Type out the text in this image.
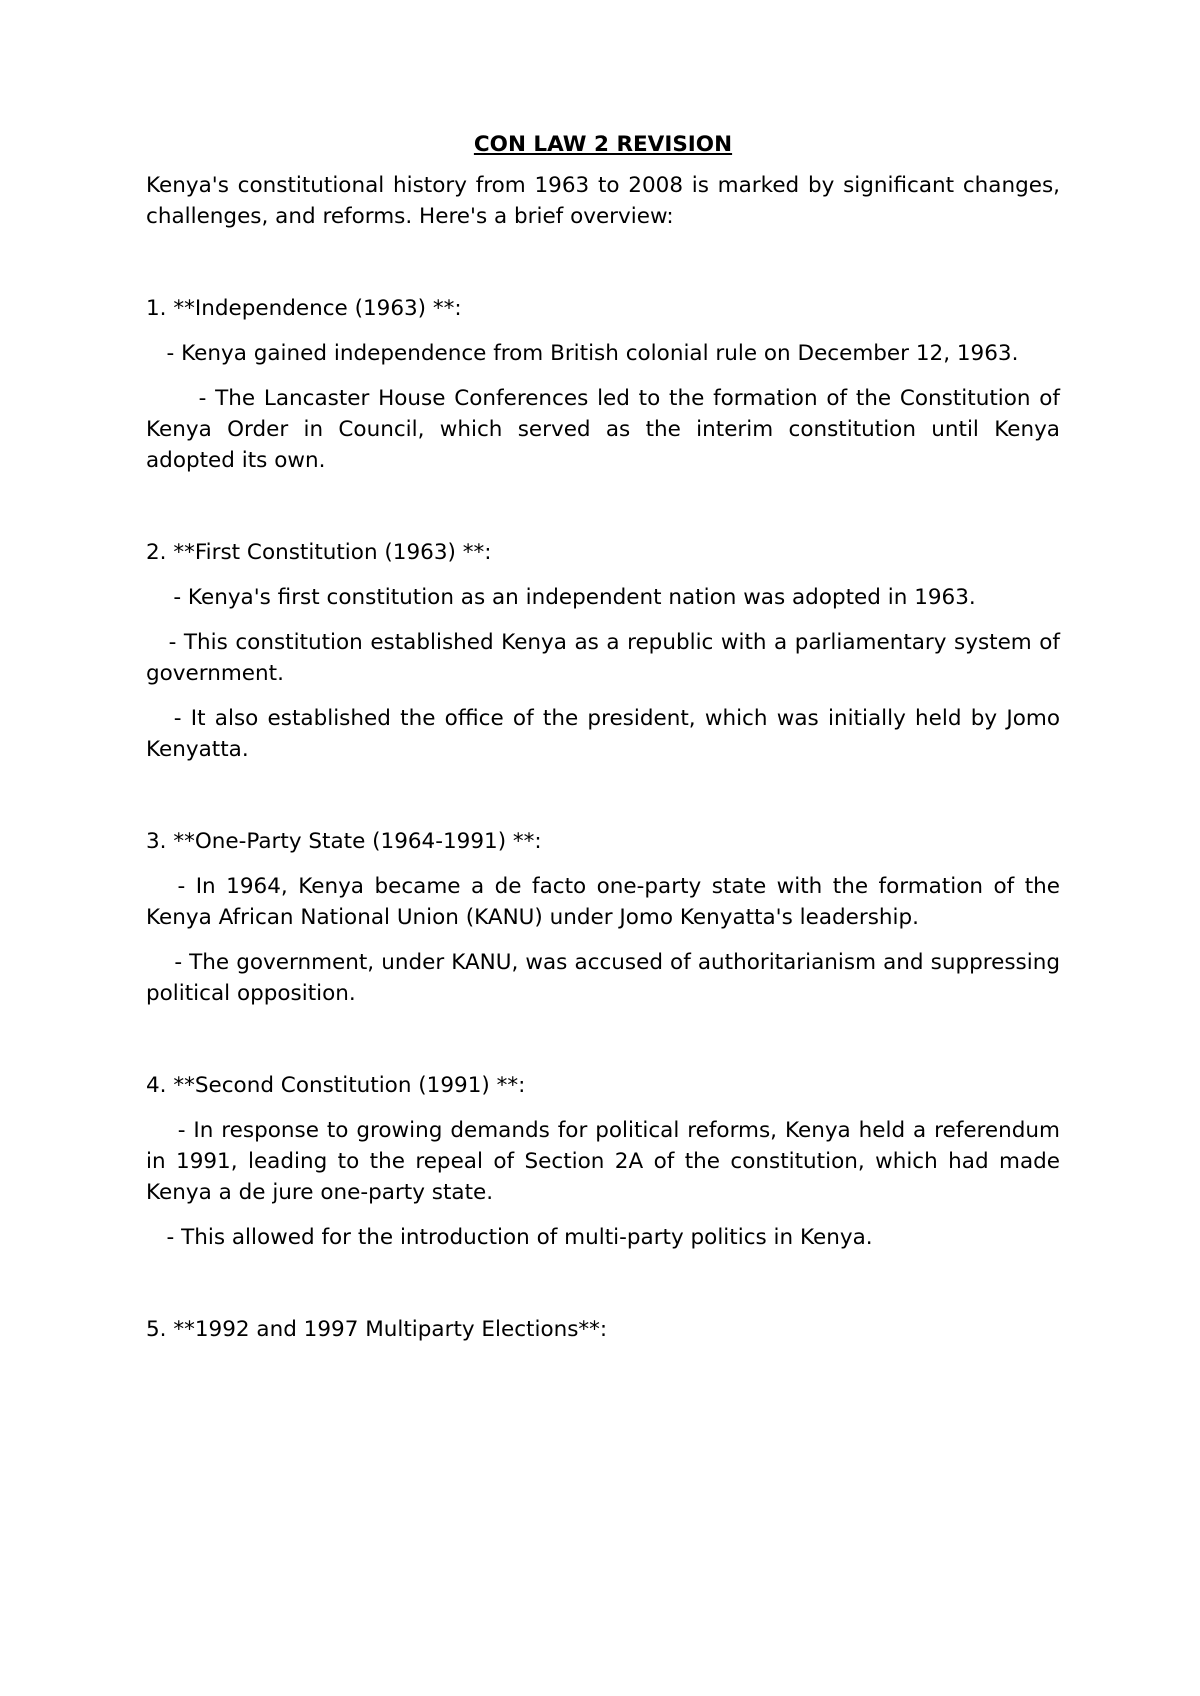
CON LAW 2 REVISION

Kenya's constitutional history from 1963 to 2008 is marked by significant changes, challenges, and reforms. Here's a brief overview:

1. **Independence (1963) **:

- Kenya gained independence from British colonial rule on December 12, 1963.

- The Lancaster House Conferences led to the formation of the Constitution of Kenya Order in Council, which served as the interim constitution until Kenya adopted its own.

2. **First Constitution (1963) **:

- Kenya's first constitution as an independent nation was adopted in 1963.

- This constitution established Kenya as a republic with a parliamentary system of government.

- It also established the office of the president, which was initially held by Jomo Kenyatta.

3. **One-Party State (1964-1991) **:

- In 1964, Kenya became a de facto one-party state with the formation of the Kenya African National Union (KANU) under Jomo Kenyatta's leadership.

- The government, under KANU, was accused of authoritarianism and suppressing political opposition.

4. **Second Constitution (1991) **:

- In response to growing demands for political reforms, Kenya held a referendum in 1991, leading to the repeal of Section 2A of the constitution, which had made Kenya a de jure one-party state.

- This allowed for the introduction of multi-party politics in Kenya.

5. **1992 and 1997 Multiparty Elections**:
